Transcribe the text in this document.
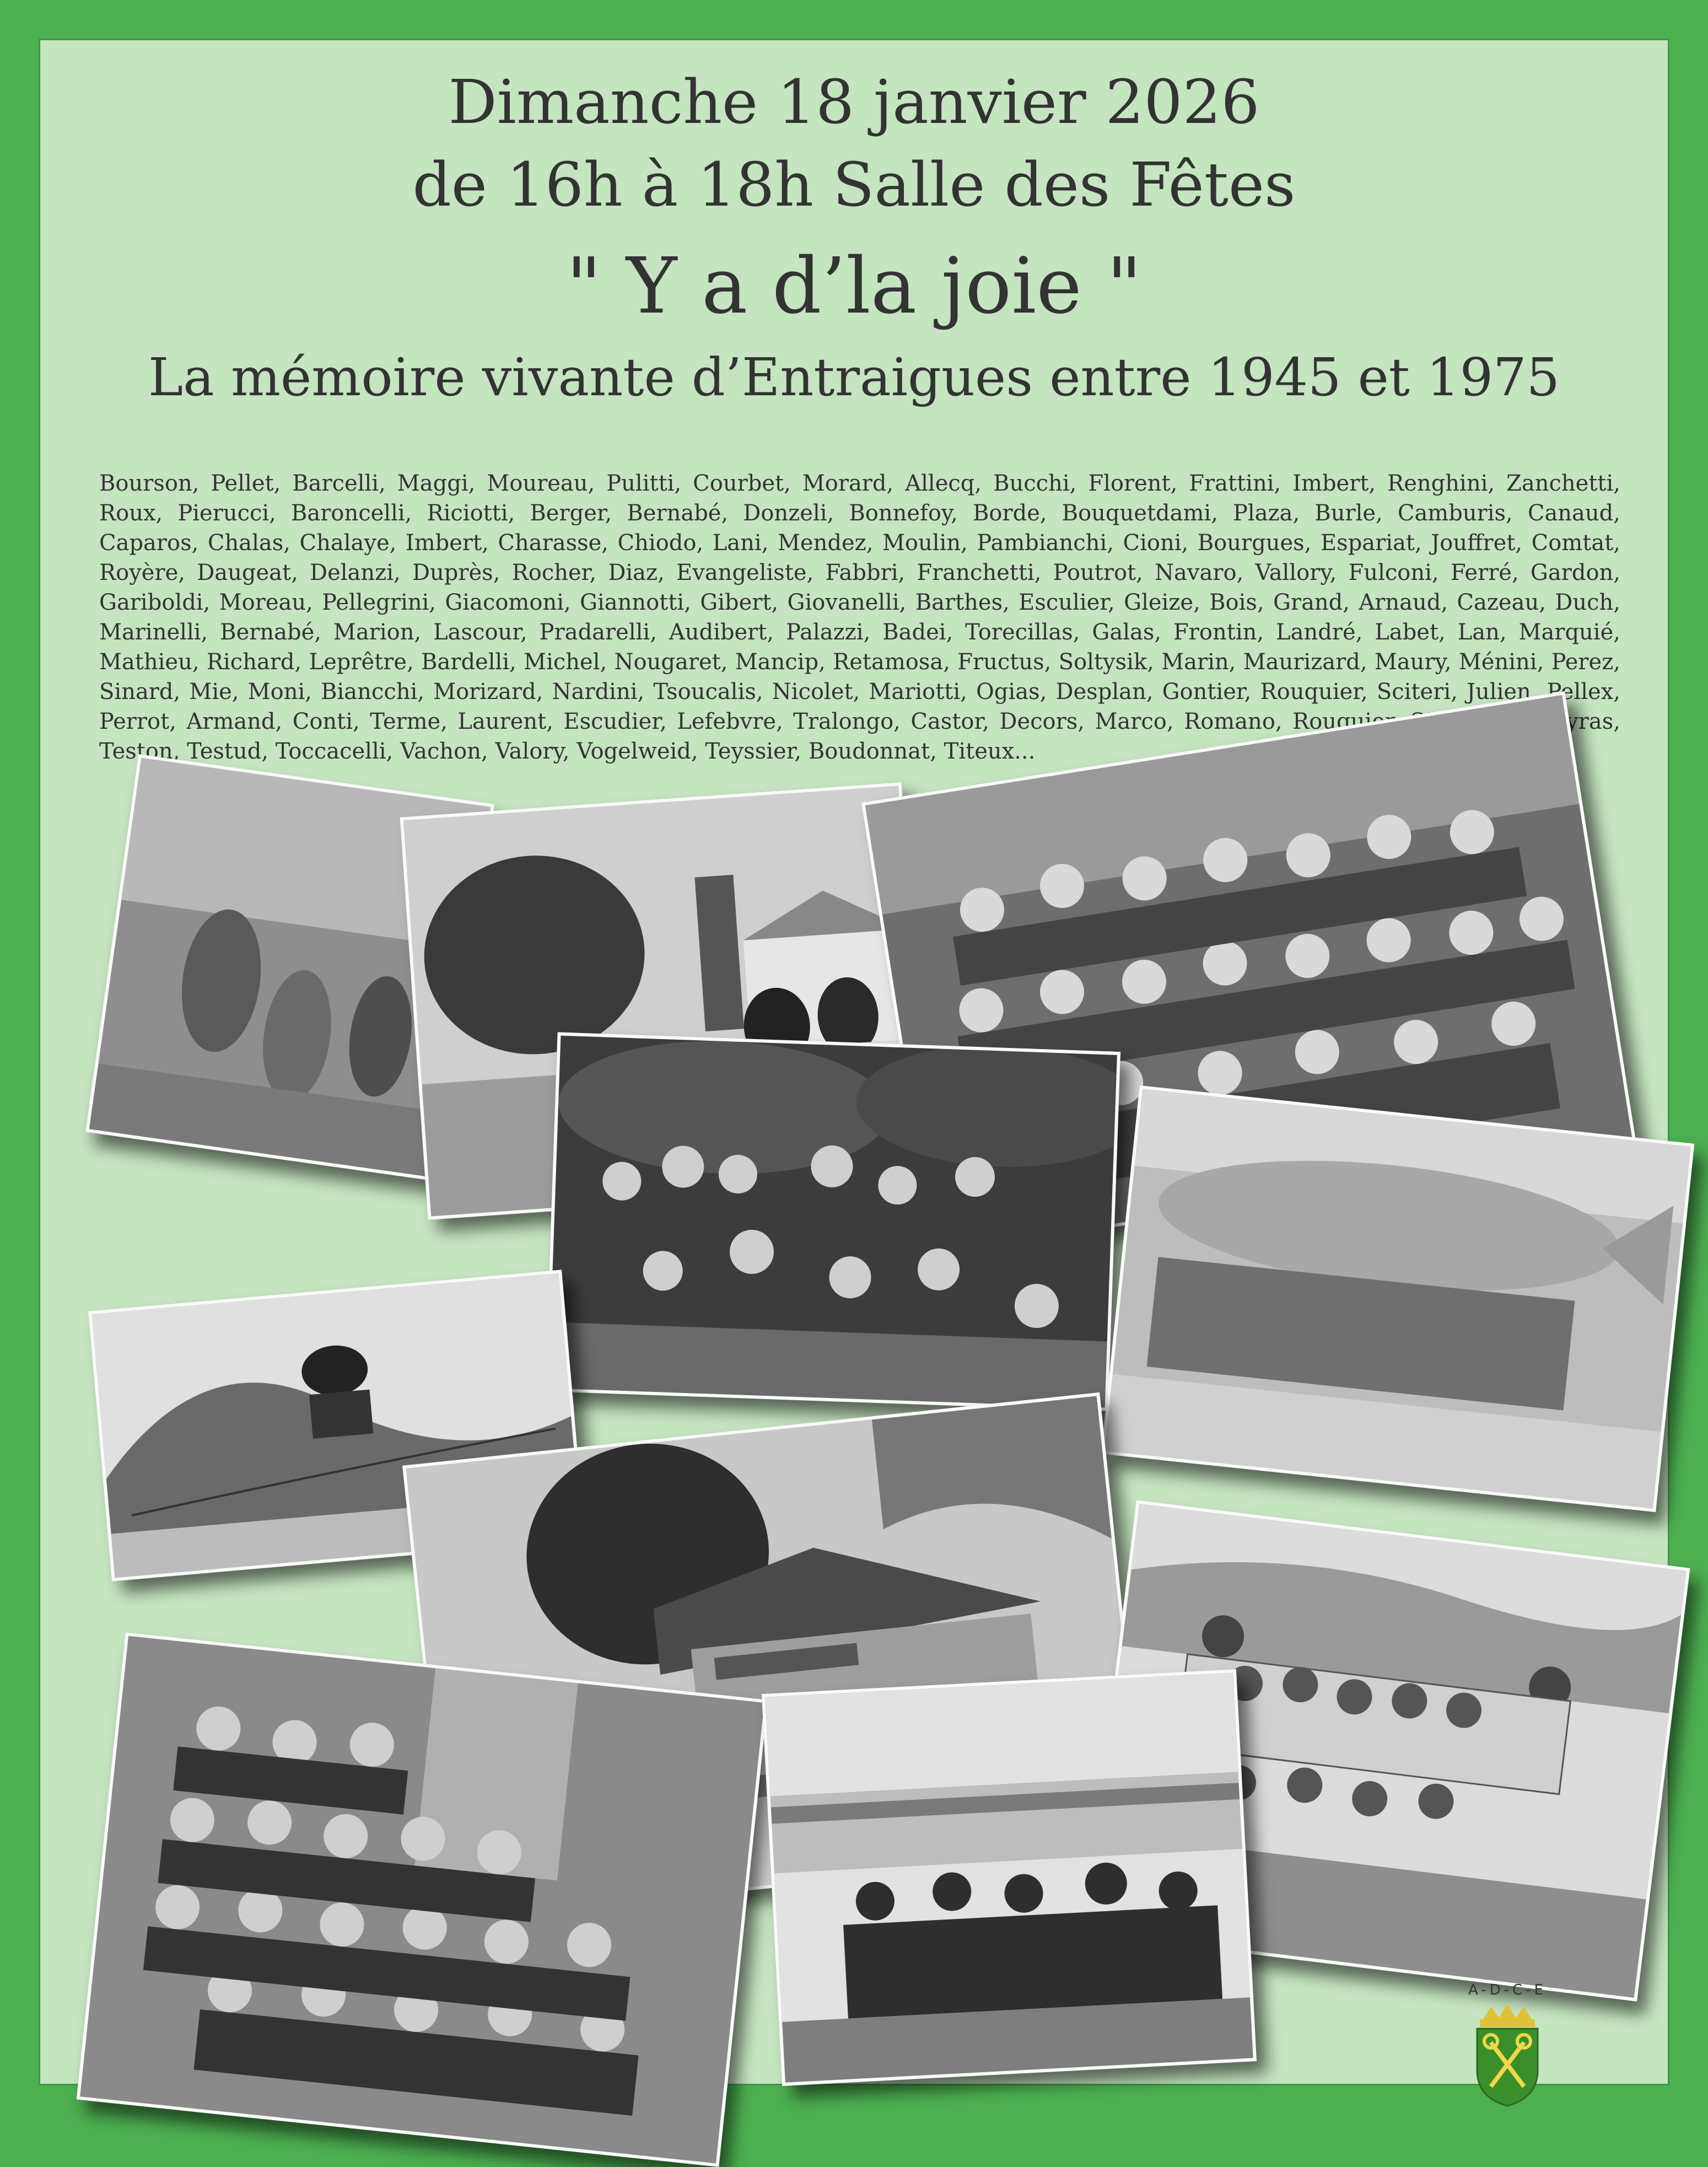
Dimanche 18 janvier 2026
de 16h à 18h Salle des Fêtes
" Y a d’la joie "
La mémoire vivante d’Entraigues entre 1945 et 1975
Bourson, Pellet, Barcelli, Maggi, Moureau, Pulitti, Courbet, Morard, Allecq, Bucchi, Florent, Frattini, Imbert, Renghini, Zanchetti, Roux, Pierucci, Baroncelli, Riciotti, Berger, Bernabé, Donzeli, Bonnefoy, Borde, Bouquetdami, Plaza, Burle, Camburis, Canaud, Caparos, Chalas, Chalaye, Imbert, Charasse, Chiodo, Lani, Mendez, Moulin, Pambianchi, Cioni, Bourgues, Espariat, Jouffret, Comtat, Royère, Daugeat, Delanzi, Duprès, Rocher, Diaz, Evangeliste, Fabbri, Franchetti, Poutrot, Navaro, Vallory, Fulconi, Ferré, Gardon, Gariboldi, Moreau, Pellegrini, Giacomoni, Giannotti, Gibert, Giovanelli, Barthes, Esculier, Gleize, Bois, Grand, Arnaud, Cazeau, Duch, Marinelli, Bernabé, Marion, Lascour, Pradarelli, Audibert, Palazzi, Badei, Torecillas, Galas, Frontin, Landré, Labet, Lan, Marquié, Mathieu, Richard, Leprêtre, Bardelli, Michel, Nougaret, Mancip, Retamosa, Fructus, Soltysik, Marin, Maurizard, Maury, Ménini, Perez, Sinard, Mie, Moni, Biancchi, Morizard, Nardini, Tsoucalis, Nicolet, Mariotti, Ogias, Desplan, Gontier, Rouquier, Sciteri, Julien, Pellex, Perrot, Armand, Conti, Terme, Laurent, Escudier, Lefebvre, Tralongo, Castor, Decors, Marco, Romano, Rouquier, Sibert, Soubeyras, Teston, Testud, Toccacelli, Vachon, Valory, Vogelweid, Teyssier, Boudonnat, Titeux...
A-D-C-E
